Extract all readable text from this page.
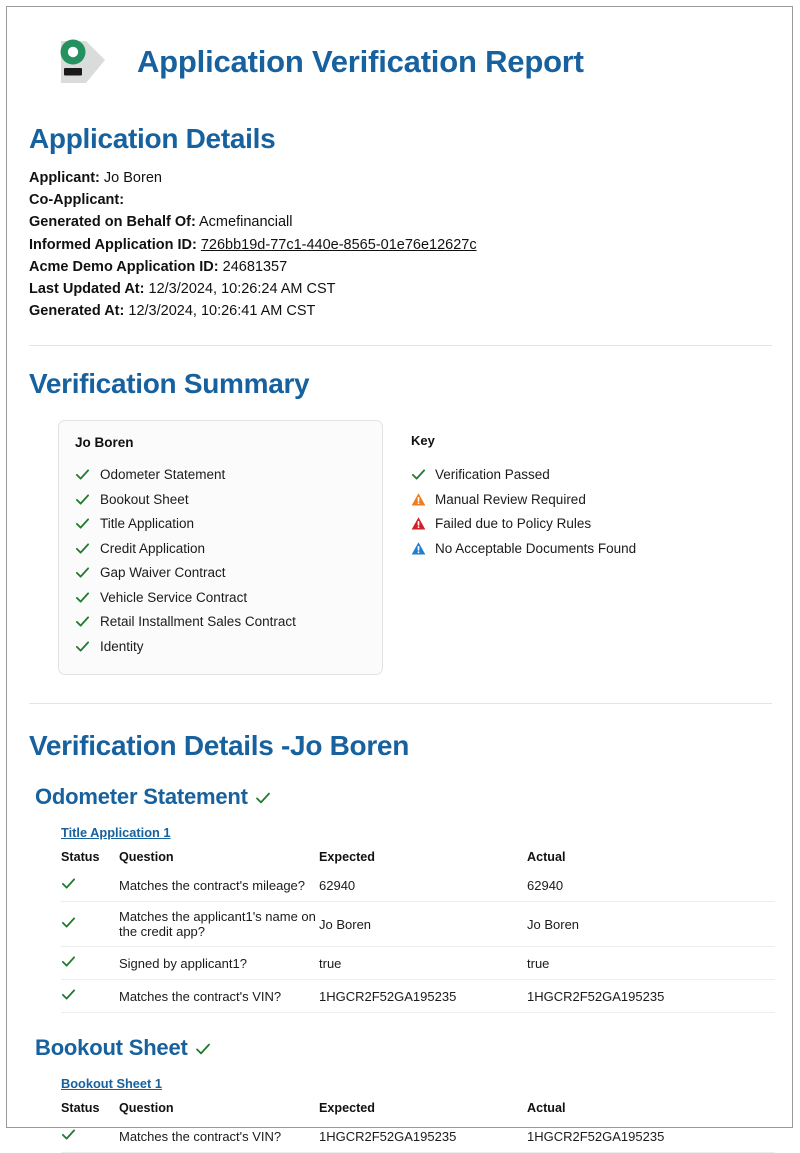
Application Verification Report
Application Details
Applicant: Jo Boren
Co-Applicant:
Generated on Behalf Of: Acmefinanciall
Informed Application ID: 726bb19d-77c1-440e-8565-01e76e12627c
Acme Demo Application ID: 24681357
Last Updated At: 12/3/2024, 10:26:24 AM CST
Generated At: 12/3/2024, 10:26:41 AM CST
Verification Summary
Jo Boren
Odometer Statement
Bookout Sheet
Title Application
Credit Application
Gap Waiver Contract
Vehicle Service Contract
Retail Installment Sales Contract
Identity
Key
Verification Passed
Manual Review Required
Failed due to Policy Rules
No Acceptable Documents Found
Verification Details -Jo Boren
Odometer Statement
Title Application 1
Status	Question	Expected	Actual
	Matches the contract's mileage?	62940	62940
	Matches the applicant1's name on the credit app?	Jo Boren	Jo Boren
	Signed by applicant1?	true	true
	Matches the contract's VIN?	1HGCR2F52GA195235	1HGCR2F52GA195235
Bookout Sheet
Bookout Sheet 1
Status	Question	Expected	Actual
	Matches the contract's VIN?	1HGCR2F52GA195235	1HGCR2F52GA195235
